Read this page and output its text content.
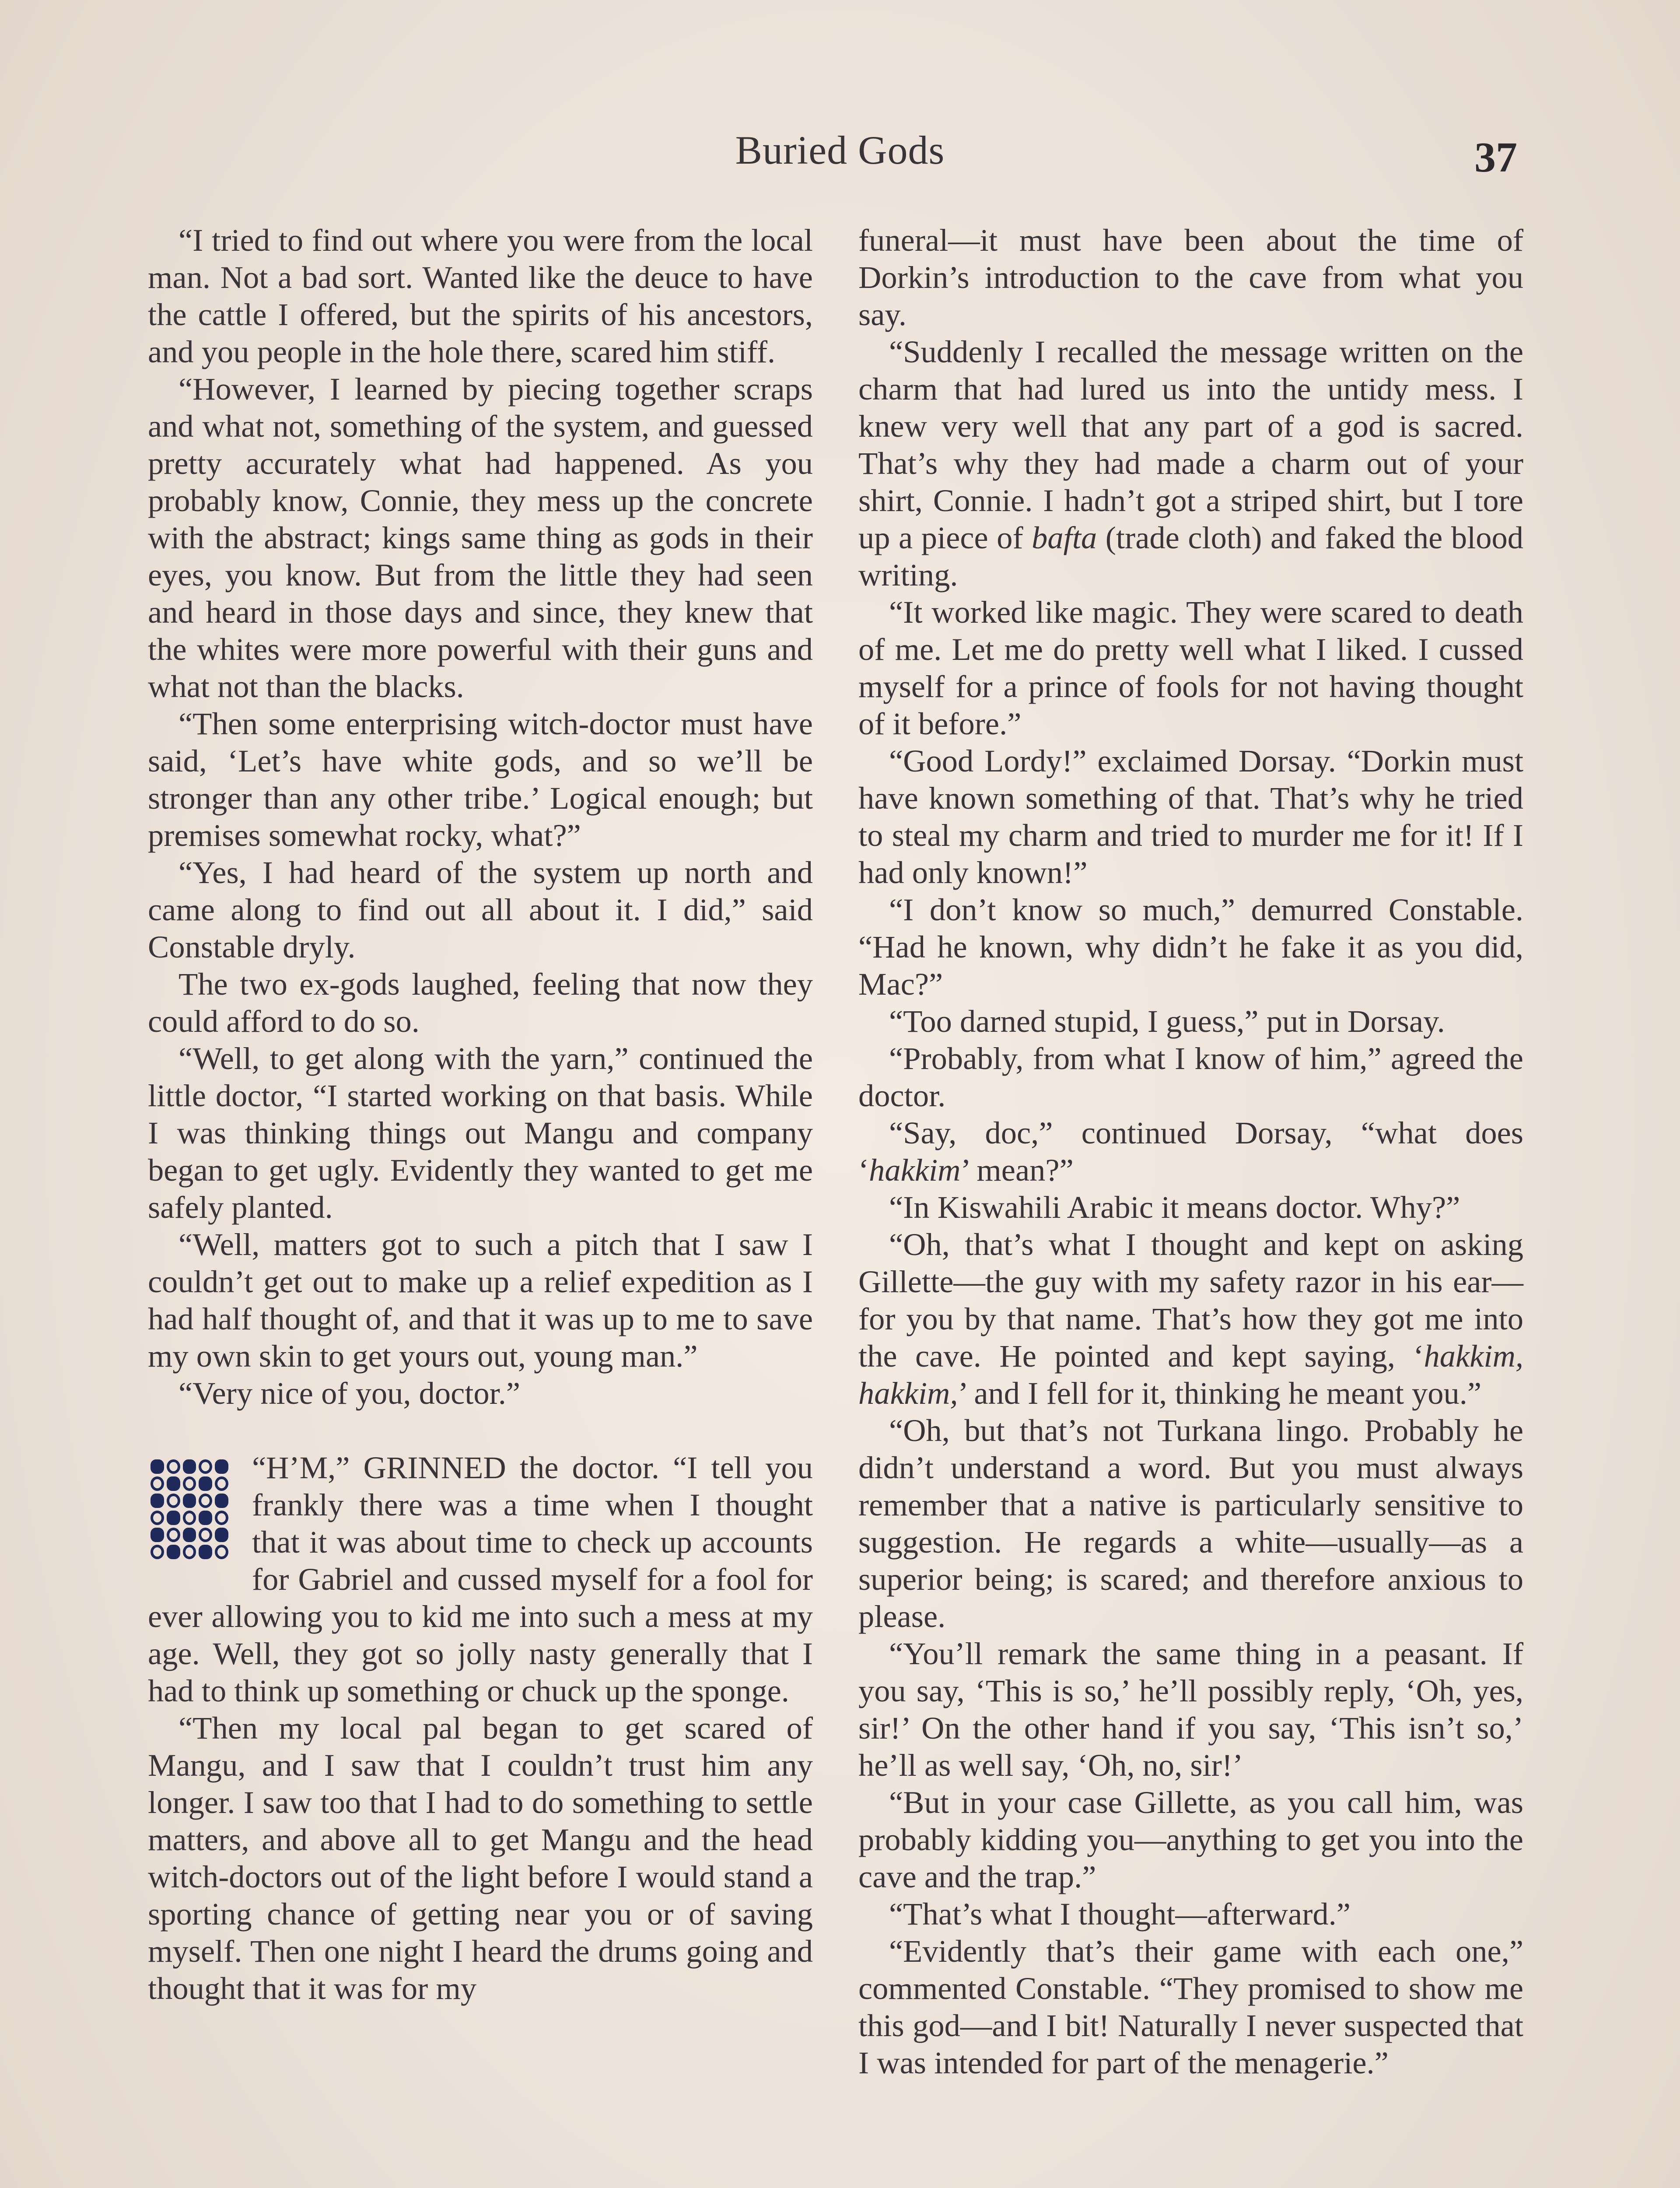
Buried Gods	37

“I tried to find out where you were from the local man. Not a bad sort. Wanted like the deuce to have the cattle I offered, but the spirits of his ancestors, and you people in the hole there, scared him stiff.

“However, I learned by piecing together scraps and what not, something of the system, and guessed pretty accurately what had happened. As you probably know, Connie, they mess up the concrete with the abstract; kings same thing as gods in their eyes, you know. But from the little they had seen and heard in those days and since, they knew that the whites were more powerful with their guns and what not than the blacks.

“Then some enterprising witch-doctor must have said, ‘Let’s have white gods, and so we’ll be stronger than any other tribe.’ Logical enough; but premises somewhat rocky, what?”

“Yes, I had heard of the system up north and came along to find out all about it. I did,” said Constable dryly.

The two ex-gods laughed, feeling that now they could afford to do so.

“Well, to get along with the yarn,” continued the little doctor, “I started working on that basis. While I was thinking things out Mangu and company began to get ugly. Evidently they wanted to get me safely planted.

“Well, matters got to such a pitch that I saw I couldn’t get out to make up a relief expedition as I had half thought of, and that it was up to me to save my own skin to get yours out, young man.”

“Very nice of you, doctor.”

“H’M,” GRINNED the doctor. “I tell you frankly there was a time when I thought that it was about time to check up accounts for Gabriel and cussed myself for a fool for ever allowing you to kid me into such a mess at my age. Well, they got so jolly nasty generally that I had to think up something or chuck up the sponge.

“Then my local pal began to get scared of Mangu, and I saw that I couldn’t trust him any longer. I saw too that I had to do something to settle matters, and above all to get Mangu and the head witch-doctors out of the light before I would stand a sporting chance of getting near you or of saving myself. Then one night I heard the drums going and thought that it was for my

funeral—it must have been about the time of Dorkin’s introduction to the cave from what you say.

“Suddenly I recalled the message written on the charm that had lured us into the untidy mess. I knew very well that any part of a god is sacred. That’s why they had made a charm out of your shirt, Connie. I hadn’t got a striped shirt, but I tore up a piece of bafta (trade cloth) and faked the blood writing.

“It worked like magic. They were scared to death of me. Let me do pretty well what I liked. I cussed myself for a prince of fools for not having thought of it before.”

“Good Lordy!” exclaimed Dorsay. “Dorkin must have known something of that. That’s why he tried to steal my charm and tried to murder me for it! If I had only known!”

“I don’t know so much,” demurred Constable. “Had he known, why didn’t he fake it as you did, Mac?”

“Too darned stupid, I guess,” put in Dorsay.

“Probably, from what I know of him,” agreed the doctor.

“Say, doc,” continued Dorsay, “what does ‘hakkim’ mean?”

“In Kiswahili Arabic it means doctor. Why?”

“Oh, that’s what I thought and kept on asking Gillette—the guy with my safety razor in his ear—for you by that name. That’s how they got me into the cave. He pointed and kept saying, ‘hakkim, hakkim,’ and I fell for it, thinking he meant you.”

“Oh, but that’s not Turkana lingo. Probably he didn’t understand a word. But you must always remember that a native is particularly sensitive to suggestion. He regards a white—usually—as a superior being; is scared; and therefore anxious to please.

“You’ll remark the same thing in a peasant. If you say, ‘This is so,’ he’ll possibly reply, ‘Oh, yes, sir!’ On the other hand if you say, ‘This isn’t so,’ he’ll as well say, ‘Oh, no, sir!’

“But in your case Gillette, as you call him, was probably kidding you—anything to get you into the cave and the trap.”

“That’s what I thought—afterward.”

“Evidently that’s their game with each one,” commented Constable. “They promised to show me this god—and I bit! Naturally I never suspected that I was intended for part of the menagerie.”
